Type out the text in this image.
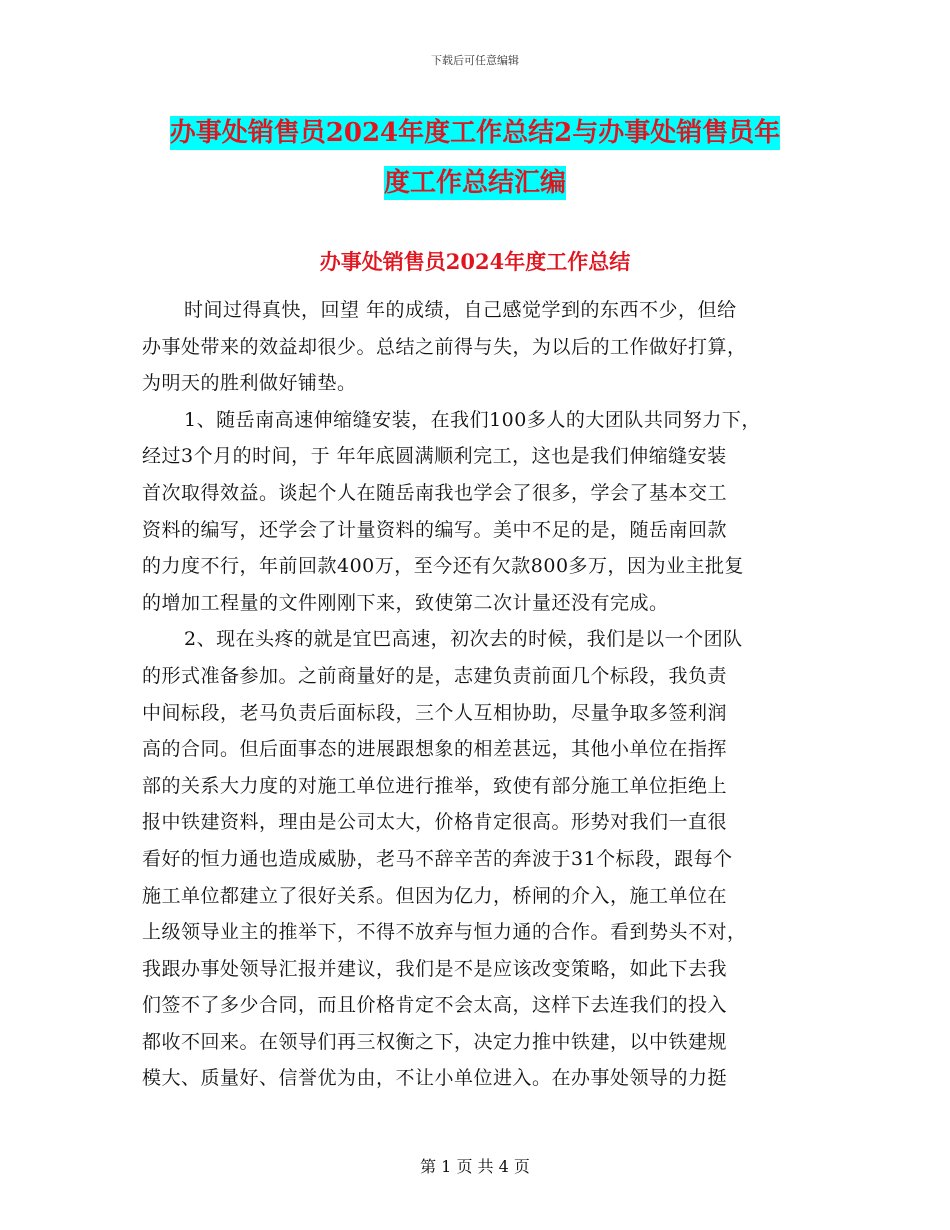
下载后可任意编辑
办事处销售员2024年度工作总结2与办事处销售员年
度工作总结汇编
办事处销售员2024年度工作总结
时间过得真快，回望 年的成绩，自己感觉学到的东西不少，但给
办事处带来的效益却很少。总结之前得与失，为以后的工作做好打算，
为明天的胜利做好铺垫。
1、随岳南高速伸缩缝安装，在我们100多人的大团队共同努力下，
经过3个月的时间，于 年年底圆满顺利完工，这也是我们伸缩缝安装
首次取得效益。谈起个人在随岳南我也学会了很多，学会了基本交工
资料的编写，还学会了计量资料的编写。美中不足的是，随岳南回款
的力度不行，年前回款400万，至今还有欠款800多万，因为业主批复
的增加工程量的文件刚刚下来，致使第二次计量还没有完成。
2、现在头疼的就是宜巴高速，初次去的时候，我们是以一个团队
的形式准备参加。之前商量好的是，志建负责前面几个标段，我负责
中间标段，老马负责后面标段，三个人互相协助，尽量争取多签利润
高的合同。但后面事态的进展跟想象的相差甚远，其他小单位在指挥
部的关系大力度的对施工单位进行推举，致使有部分施工单位拒绝上
报中铁建资料，理由是公司太大，价格肯定很高。形势对我们一直很
看好的恒力通也造成威胁，老马不辞辛苦的奔波于31个标段，跟每个
施工单位都建立了很好关系。但因为亿力，桥闸的介入，施工单位在
上级领导业主的推举下，不得不放弃与恒力通的合作。看到势头不对，
我跟办事处领导汇报并建议，我们是不是应该改变策略，如此下去我
们签不了多少合同，而且价格肯定不会太高，这样下去连我们的投入
都收不回来。在领导们再三权衡之下，决定力推中铁建，以中铁建规
模大、质量好、信誉优为由，不让小单位进入。在办事处领导的力挺
第 1 页 共 4 页
